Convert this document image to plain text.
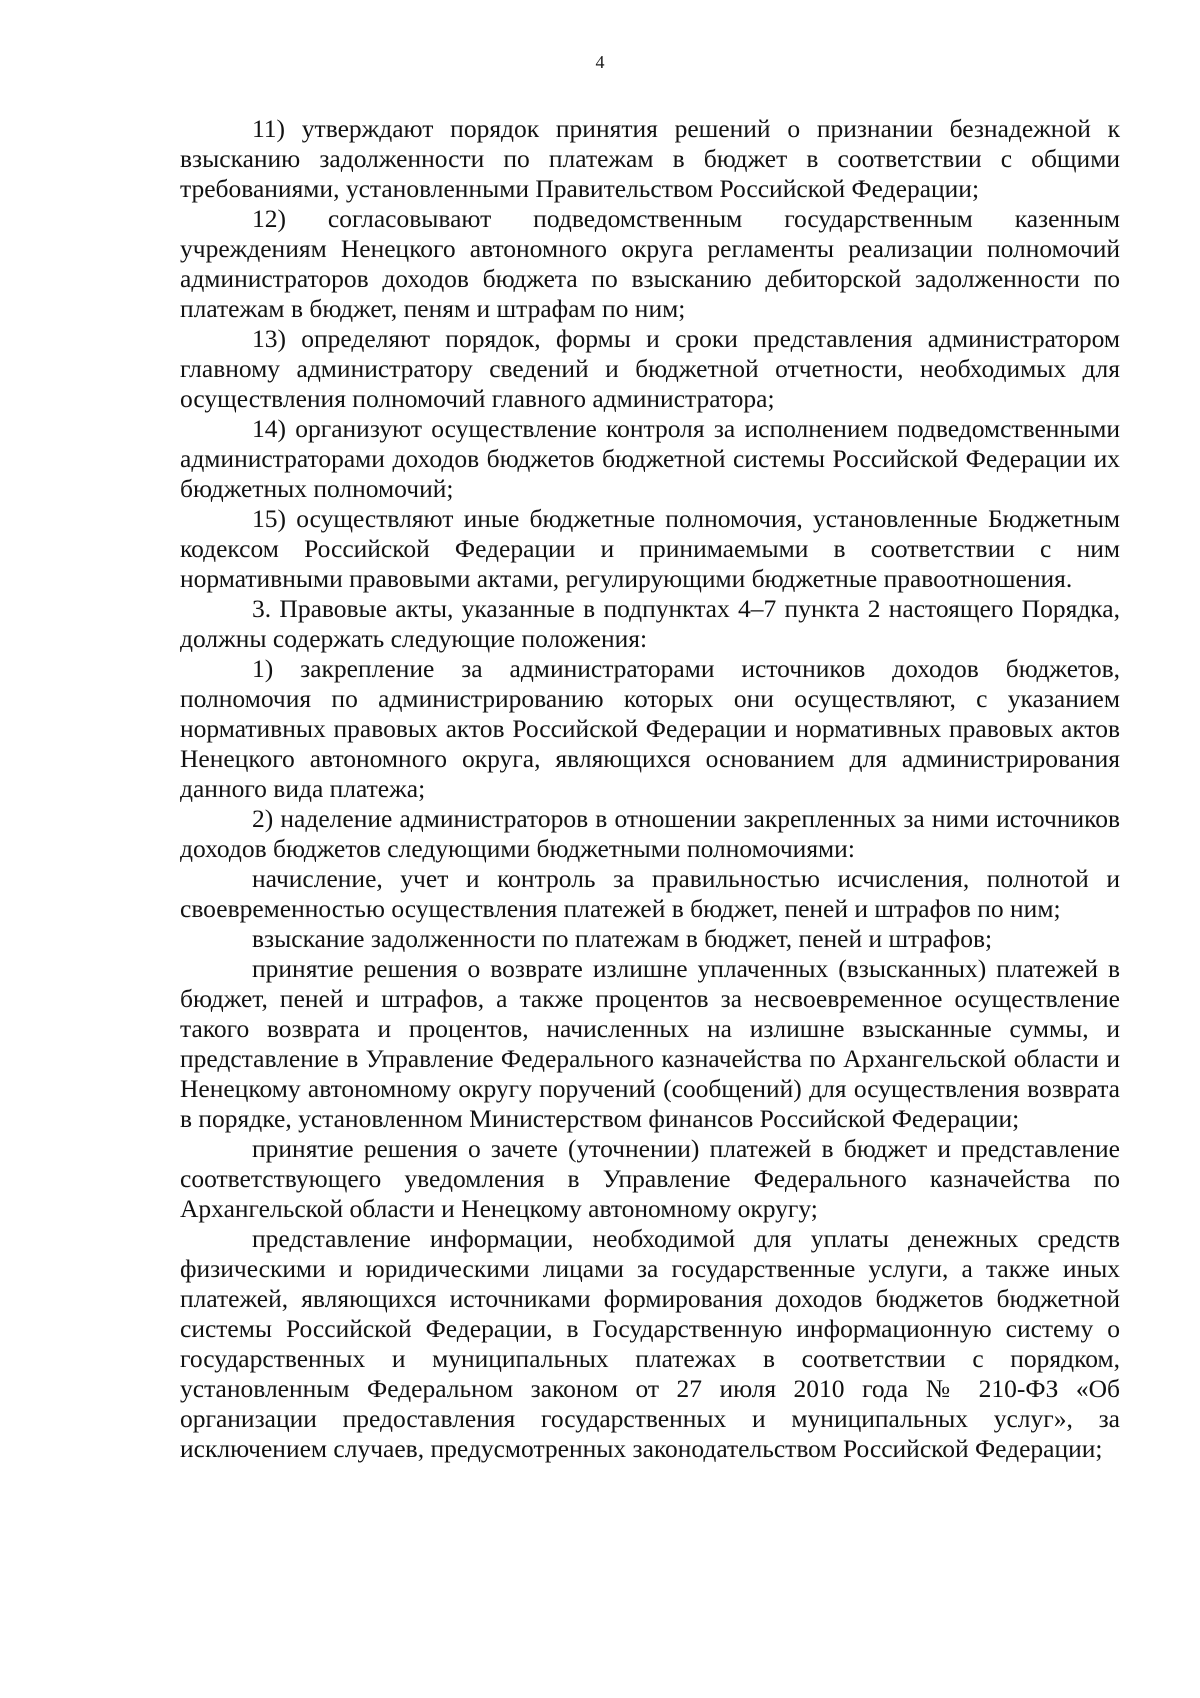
4

11) утверждают порядок принятия решений о признании безнадежной к взысканию задолженности по платежам в бюджет в соответствии с общими требованиями, установленными Правительством Российской Федерации;

12) согласовывают подведомственным государственным казенным учреждениям Ненецкого автономного округа регламенты реализации полномочий администраторов доходов бюджета по взысканию дебиторской задолженности по платежам в бюджет, пеням и штрафам по ним;

13) определяют порядок, формы и сроки представления администратором главному администратору сведений и бюджетной отчетности, необходимых для осуществления полномочий главного администратора;

14) организуют осуществление контроля за исполнением подведомственными администраторами доходов бюджетов бюджетной системы Российской Федерации их бюджетных полномочий;

15) осуществляют иные бюджетные полномочия, установленные Бюджетным кодексом Российской Федерации и принимаемыми в соответствии с ним нормативными правовыми актами, регулирующими бюджетные правоотношения.

3. Правовые акты, указанные в подпунктах 4–7 пункта 2 настоящего Порядка, должны содержать следующие положения:

1) закрепление за администраторами источников доходов бюджетов, полномочия по администрированию которых они осуществляют, с указанием нормативных правовых актов Российской Федерации и нормативных правовых актов Ненецкого автономного округа, являющихся основанием для администрирования данного вида платежа;

2) наделение администраторов в отношении закрепленных за ними источников доходов бюджетов следующими бюджетными полномочиями:

начисление, учет и контроль за правильностью исчисления, полнотой и своевременностью осуществления платежей в бюджет, пеней и штрафов по ним;

взыскание задолженности по платежам в бюджет, пеней и штрафов;

принятие решения о возврате излишне уплаченных (взысканных) платежей в бюджет, пеней и штрафов, а также процентов за несвоевременное осуществление такого возврата и процентов, начисленных на излишне взысканные суммы, и представление в Управление Федерального казначейства по Архангельской области и Ненецкому автономному округу поручений (сообщений) для осуществления возврата в порядке, установленном Министерством финансов Российской Федерации;

принятие решения о зачете (уточнении) платежей в бюджет и представление соответствующего уведомления в Управление Федерального казначейства по Архангельской области и Ненецкому автономному округу;

представление информации, необходимой для уплаты денежных средств физическими и юридическими лицами за государственные услуги, а также иных платежей, являющихся источниками формирования доходов бюджетов бюджетной системы Российской Федерации, в Государственную информационную систему о государственных и муниципальных платежах в соответствии с порядком, установленным Федеральном законом от 27 июля 2010 года № 210-ФЗ «Об организации предоставления государственных и муниципальных услуг», за исключением случаев, предусмотренных законодательством Российской Федерации;
